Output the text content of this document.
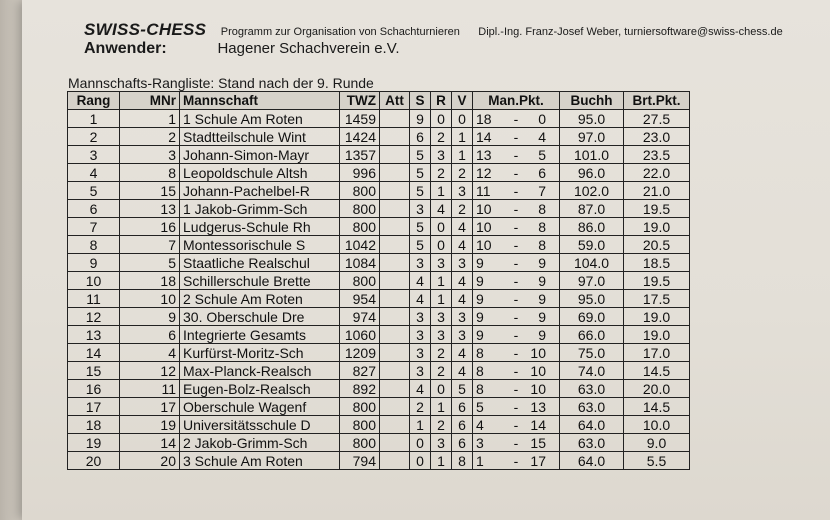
SWISS-CHESS Programm zur Organisation von Schachturnieren Dipl.-Ing. Franz-Josef Weber, turniersoftware@swiss-chess.de
Anwender:	Hagener Schachverein e.V.
Mannschafts-Rangliste: Stand nach der 9. Runde
Rang	MNr	Mannschaft	TWZ	Att	S	R	V	Man.Pkt.	Buchh	Brt.Pkt.
1	1	1 Schule Am Roten	1459		9	0	0	18 - 0	95.0	27.5
2	2	Stadtteilschule Wint	1424		6	2	1	14 - 4	97.0	23.0
3	3	Johann-Simon-Mayr	1357		5	3	1	13 - 5	101.0	23.5
4	8	Leopoldschule Altsh	996		5	2	2	12 - 6	96.0	22.0
5	15	Johann-Pachelbel-R	800		5	1	3	11 - 7	102.0	21.0
6	13	1 Jakob-Grimm-Sch	800		3	4	2	10 - 8	87.0	19.5
7	16	Ludgerus-Schule Rh	800		5	0	4	10 - 8	86.0	19.0
8	7	Montessorischule S	1042		5	0	4	10 - 8	59.0	20.5
9	5	Staatliche Realschul	1084		3	3	3	9 - 9	104.0	18.5
10	18	Schillerschule Brette	800		4	1	4	9 - 9	97.0	19.5
11	10	2 Schule Am Roten	954		4	1	4	9 - 9	95.0	17.5
12	9	30. Oberschule Dre	974		3	3	3	9 - 9	69.0	19.0
13	6	Integrierte Gesamts	1060		3	3	3	9 - 9	66.0	19.0
14	4	Kurfürst-Moritz-Sch	1209		3	2	4	8 - 10	75.0	17.0
15	12	Max-Planck-Realsch	827		3	2	4	8 - 10	74.0	14.5
16	11	Eugen-Bolz-Realsch	892		4	0	5	8 - 10	63.0	20.0
17	17	Oberschule Wagenf	800		2	1	6	5 - 13	63.0	14.5
18	19	Universitätsschule D	800		1	2	6	4 - 14	64.0	10.0
19	14	2 Jakob-Grimm-Sch	800		0	3	6	3 - 15	63.0	9.0
20	20	3 Schule Am Roten	794		0	1	8	1 - 17	64.0	5.5
